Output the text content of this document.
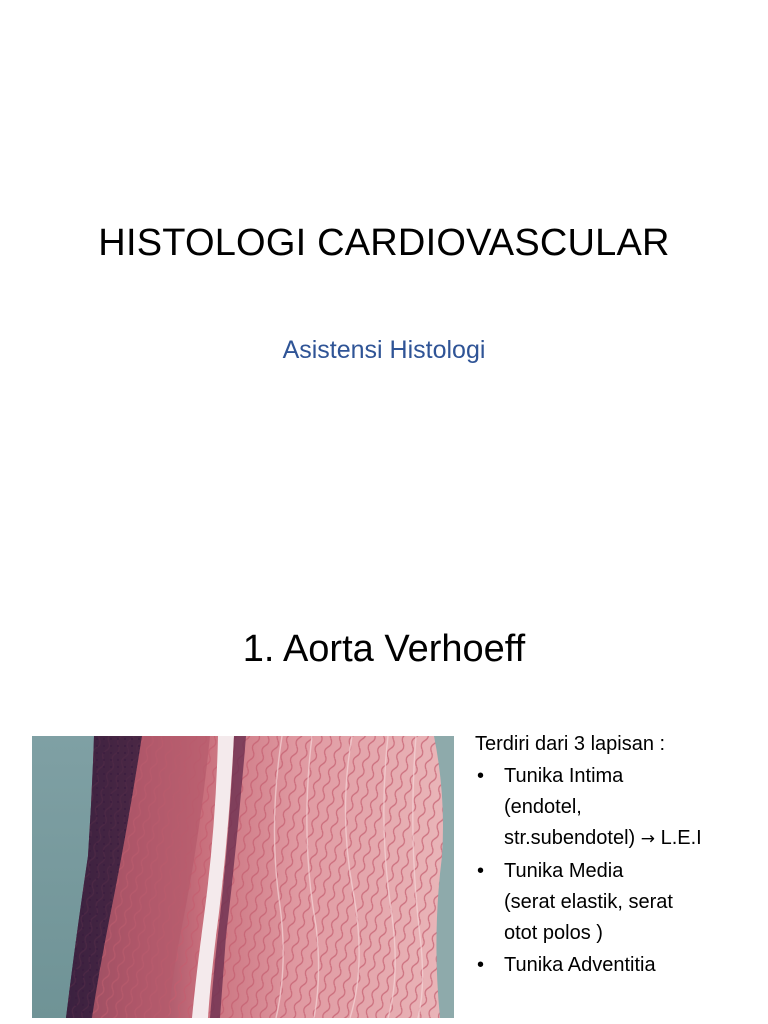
HISTOLOGI CARDIOVASCULAR
Asistensi Histologi
1. Aorta Verhoeff

Terdiri dari 3 lapisan :

• Tunika Intima
(endotel,
str.subendotel) → L.E.I
• Tunika Media
(serat elastik, serat
otot polos )
• Tunika Adventitia
